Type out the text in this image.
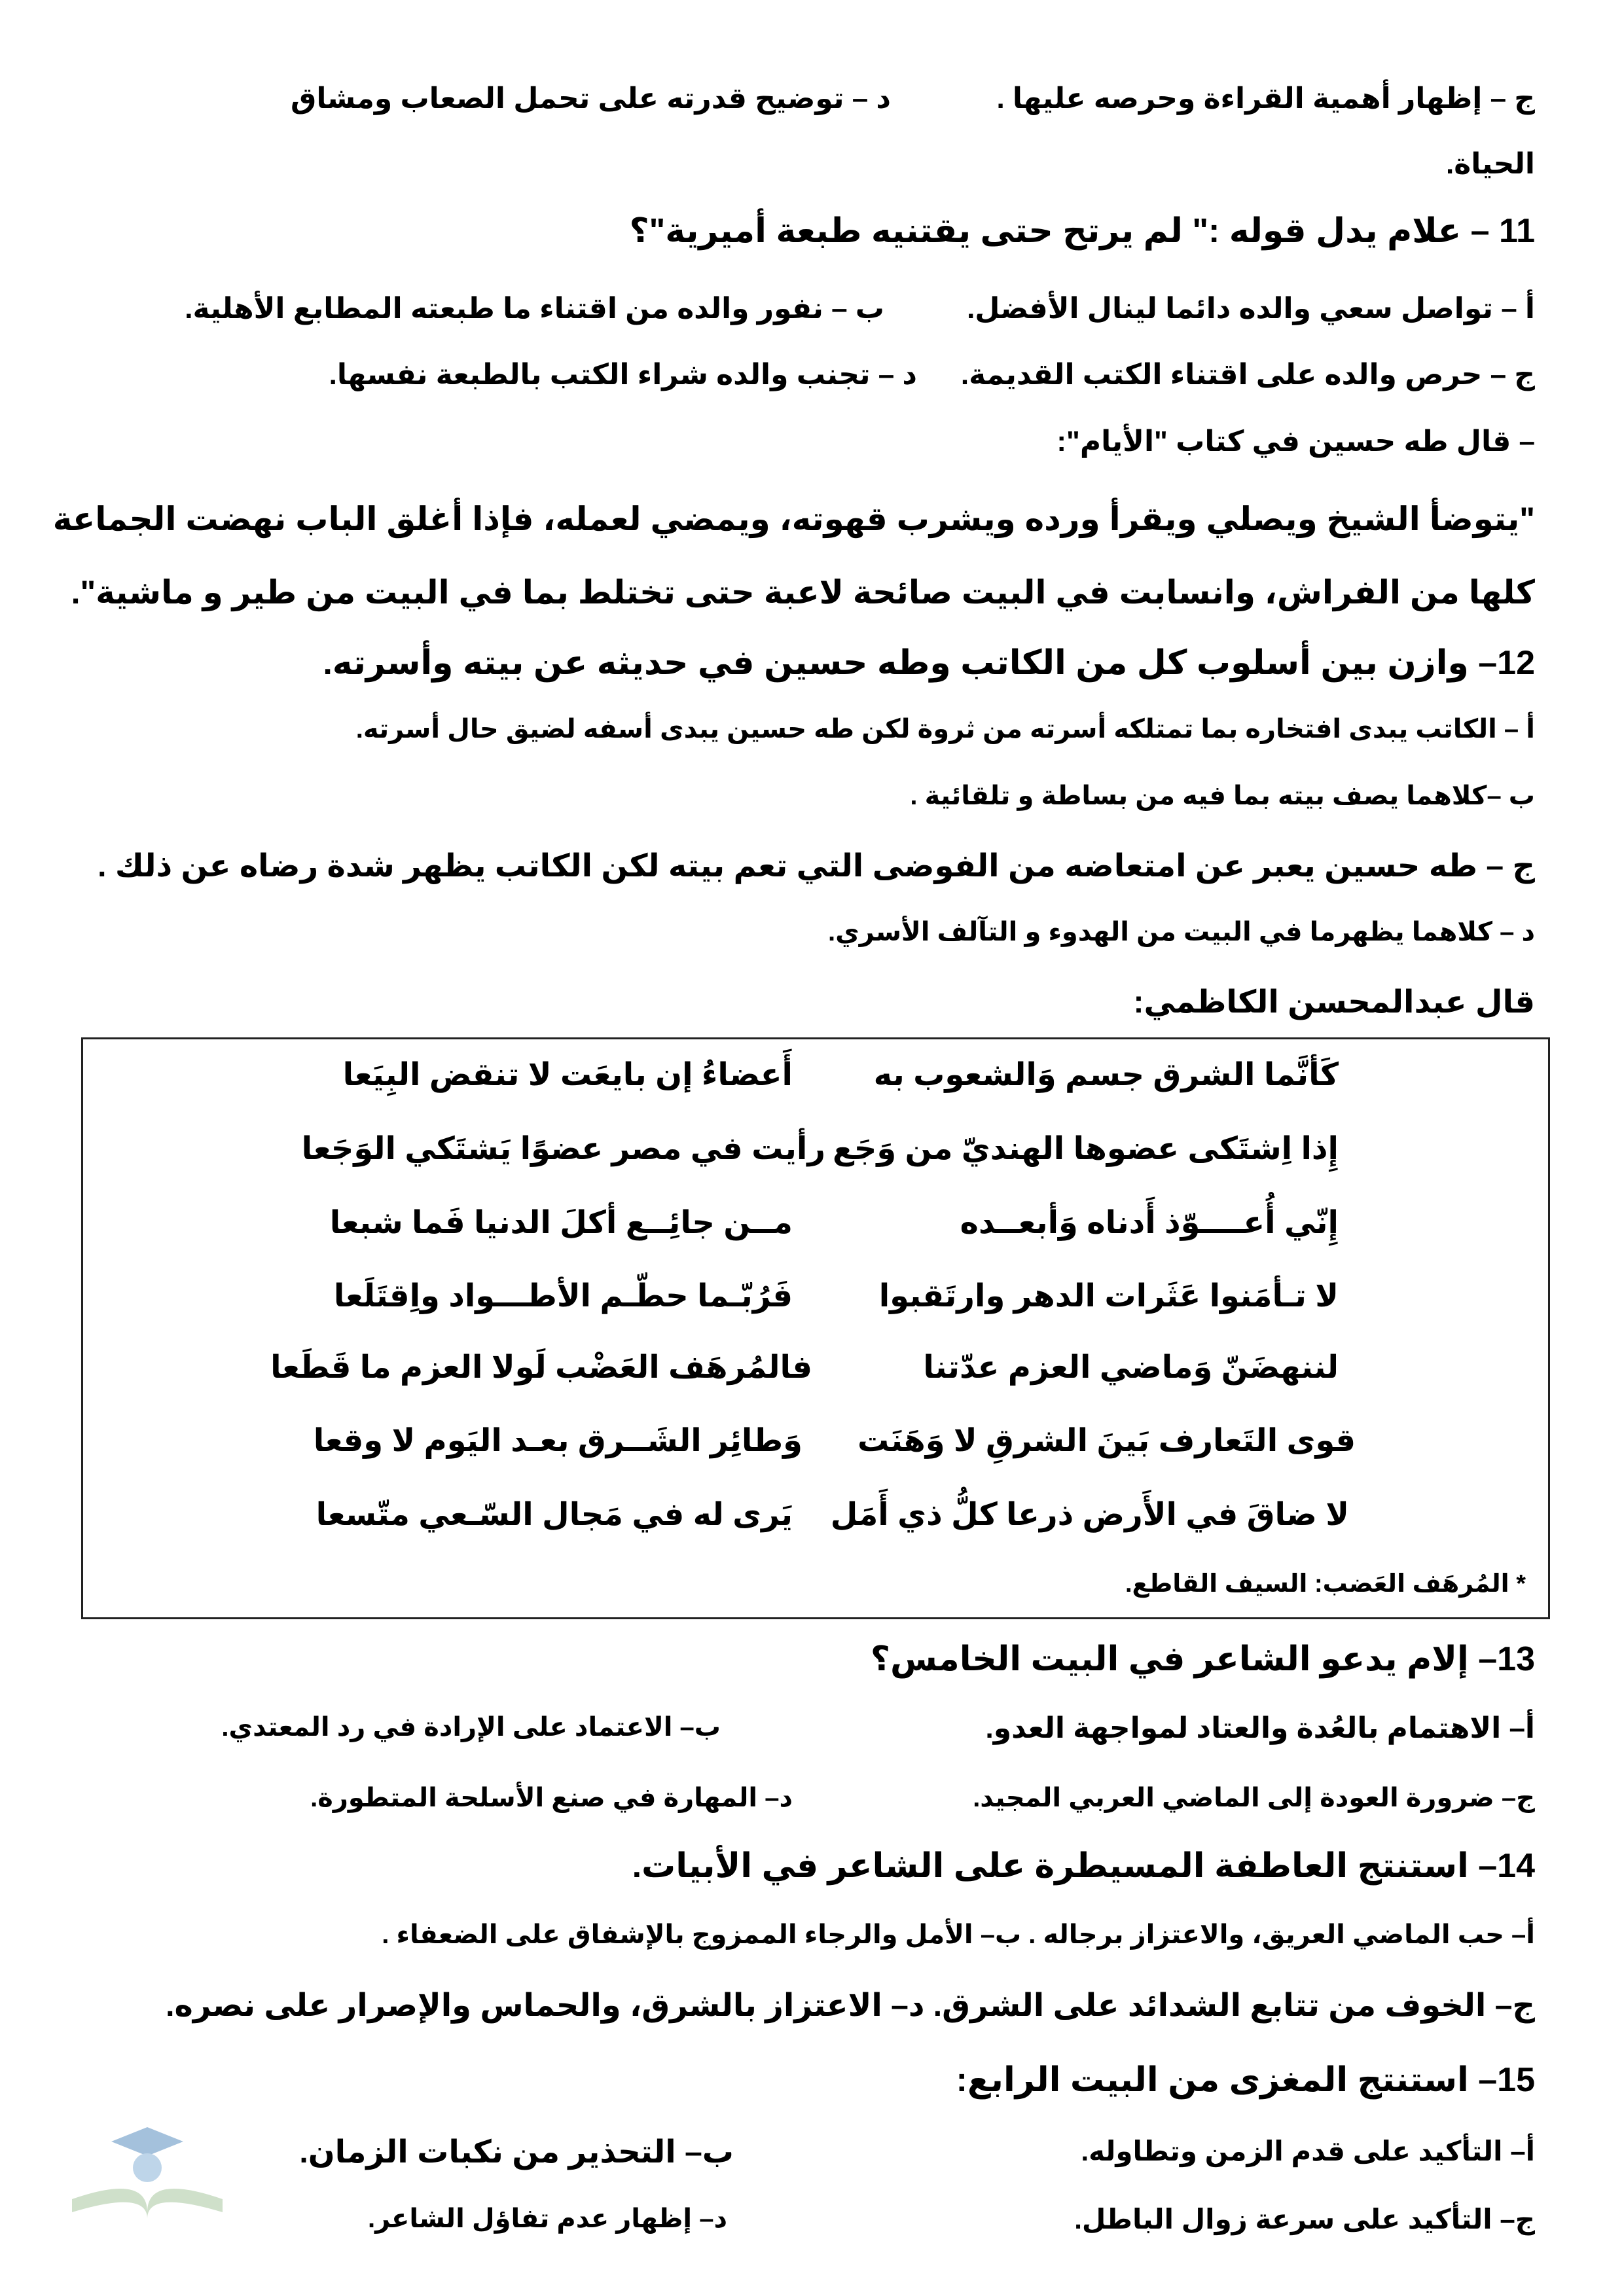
ج – إظهار أهمية القراءة وحرصه عليها .
د – توضيح قدرته على تحمل الصعاب ومشاق
الحياة.
11 – علام يدل قوله :" لم يرتح حتى يقتنيه طبعة أميرية"؟
أ – تواصل سعي والده دائما لينال الأفضل.
ب – نفور والده من اقتناء ما طبعته المطابع الأهلية.
ج – حرص والده على اقتناء الكتب القديمة.
د – تجنب والده شراء الكتب بالطبعة نفسها.
– قال طه حسين في كتاب "الأيام":
"يتوضأ الشيخ ويصلي ويقرأ ورده ويشرب قهوته، ويمضي لعمله، فإذا أغلق الباب نهضت الجماعة
كلها من الفراش، وانسابت في البيت صائحة لاعبة حتى تختلط بما في البيت من طير و ماشية".
12– وازن بين أسلوب كل من الكاتب وطه حسين في حديثه عن بيته وأسرته.
أ – الكاتب يبدى افتخاره بما تمتلكه أسرته من ثروة لكن طه حسين يبدى أسفه لضيق حال أسرته.
ب –كلاهما يصف بيته بما فيه من بساطة و تلقائية .
ج – طه حسين يعبر عن امتعاضه من الفوضى التي تعم بيته لكن الكاتب يظهر شدة رضاه عن ذلك .
د – كلاهما يظهرما في البيت من الهدوء و التآلف الأسري.
قال عبدالمحسن الكاظمي:
كَأنَّما الشرق جسم وَالشعوب به
أَعضاءُ إن بايعَت لا تنقض البِيَعا
إِذا اِشتَكى عضوها الهنديّ من وَجَع
رأيت في مصر عضوًا يَشتَكي الوَجَعا
إِنّي أُعــــوّذ أَدناه وَأبعــده
مــن جائِــع أكلَ الدنيا فَما شبعا
لا تـأمَنوا عَثَرات الدهر وارتَقبوا
فَرُبّـما حطّـم الأطـــواد واِقتَلَعا
لننهضَنّ وَماضي العزم عدّتنا
فالمُرهَف العَضْب لَولا العزم ما قَطَعا
قوى التَعارف بَينَ الشرقِ لا وَهَنَت
وَطائِر الشَــرق بعـد اليَوم لا وقعا
لا ضاقَ في الأَرض ذرعا كلُّ ذي أَمَل
يَرى له في مَجال السّـعي متّسعا
* المُرهَف العَضب: السيف القاطع.
13– إلام يدعو الشاعر في البيت الخامس؟
أ– الاهتمام بالعُدة والعتاد لمواجهة العدو.
ب– الاعتماد على الإرادة في رد المعتدي.
ج– ضرورة العودة إلى الماضي العربي المجيد.
د– المهارة في صنع الأسلحة المتطورة.
14– استنتج العاطفة المسيطرة على الشاعر في الأبيات.
أ– حب الماضي العريق، والاعتزاز برجاله . ب– الأمل والرجاء الممزوج بالإشفاق على الضعفاء .
ج– الخوف من تتابع الشدائد على الشرق. د– الاعتزاز بالشرق، والحماس والإصرار على نصره.
15– استنتج المغزى من البيت الرابع:
أ– التأكيد على قدم الزمن وتطاوله.
ب– التحذير من نكبات الزمان.
ج– التأكيد على سرعة زوال الباطل.
د– إظهار عدم تفاؤل الشاعر.
